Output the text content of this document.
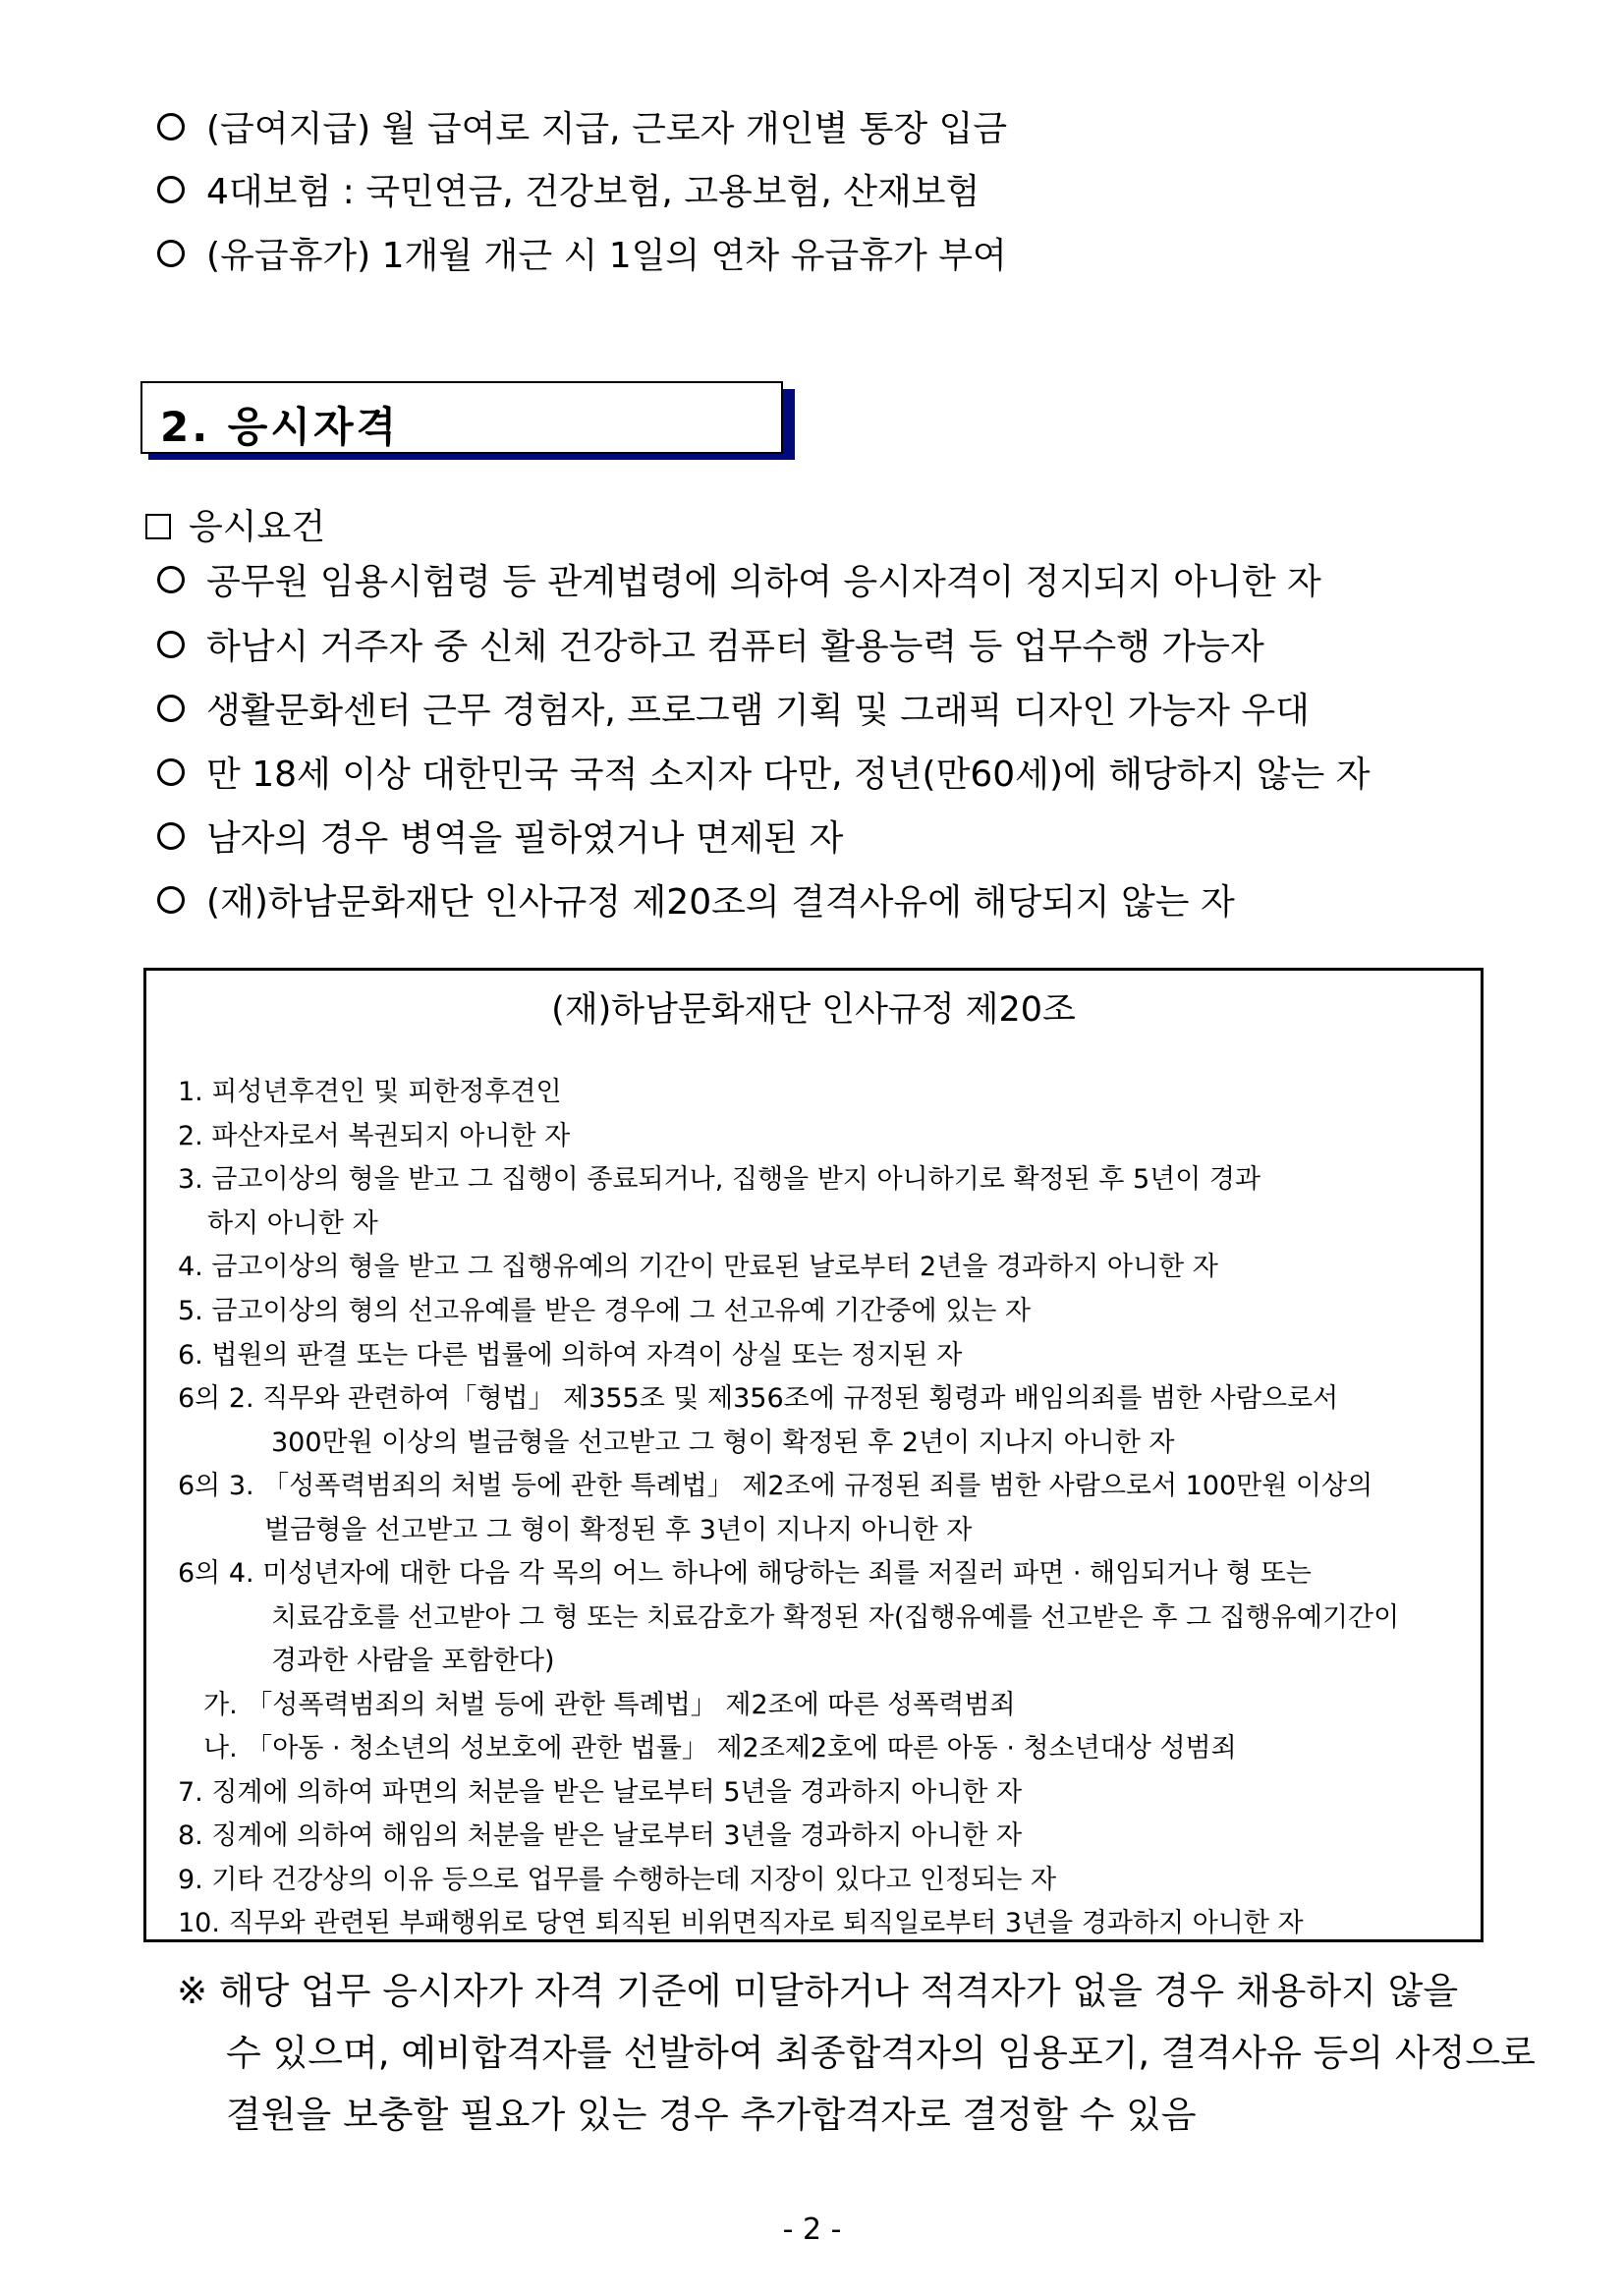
(급여지급) 월 급여로 지급, 근로자 개인별 통장 입금
4대보험 : 국민연금, 건강보험, 고용보험, 산재보험
(유급휴가) 1개월 개근 시 1일의 연차 유급휴가 부여
2. 응시자격
응시요건
공무원 임용시험령 등 관계법령에 의하여 응시자격이 정지되지 아니한 자
하남시 거주자 중 신체 건강하고 컴퓨터 활용능력 등 업무수행 가능자
생활문화센터 근무 경험자, 프로그램 기획 및 그래픽 디자인 가능자 우대
만 18세 이상 대한민국 국적 소지자 다만, 정년(만60세)에 해당하지 않는 자
남자의 경우 병역을 필하였거나 면제된 자
(재)하남문화재단 인사규정 제20조의 결격사유에 해당되지 않는 자
(재)하남문화재단 인사규정 제20조
1. 피성년후견인 및 피한정후견인
2. 파산자로서 복권되지 아니한 자
3. 금고이상의 형을 받고 그 집행이 종료되거나, 집행을 받지 아니하기로 확정된 후 5년이 경과
하지 아니한 자
4. 금고이상의 형을 받고 그 집행유예의 기간이 만료된 날로부터 2년을 경과하지 아니한 자
5. 금고이상의 형의 선고유예를 받은 경우에 그 선고유예 기간중에 있는 자
6. 법원의 판결 또는 다른 법률에 의하여 자격이 상실 또는 정지된 자
6의 2. 직무와 관련하여「형법」 제355조 및 제356조에 규정된 횡령과 배임의죄를 범한 사람으로서
300만원 이상의 벌금형을 선고받고 그 형이 확정된 후 2년이 지나지 아니한 자
6의 3. 「성폭력범죄의 처벌 등에 관한 특례법」 제2조에 규정된 죄를 범한 사람으로서 100만원 이상의
벌금형을 선고받고 그 형이 확정된 후 3년이 지나지 아니한 자
6의 4. 미성년자에 대한 다음 각 목의 어느 하나에 해당하는 죄를 저질러 파면 · 해임되거나 형 또는
치료감호를 선고받아 그 형 또는 치료감호가 확정된 자(집행유예를 선고받은 후 그 집행유예기간이
경과한 사람을 포함한다)
가. 「성폭력범죄의 처벌 등에 관한 특례법」 제2조에 따른 성폭력범죄
나. 「아동 · 청소년의 성보호에 관한 법률」 제2조제2호에 따른 아동 · 청소년대상 성범죄
7. 징계에 의하여 파면의 처분을 받은 날로부터 5년을 경과하지 아니한 자
8. 징계에 의하여 해임의 처분을 받은 날로부터 3년을 경과하지 아니한 자
9. 기타 건강상의 이유 등으로 업무를 수행하는데 지장이 있다고 인정되는 자
10. 직무와 관련된 부패행위로 당연 퇴직된 비위면직자로 퇴직일로부터 3년을 경과하지 아니한 자
※ 해당 업무 응시자가 자격 기준에 미달하거나 적격자가 없을 경우 채용하지 않을
수 있으며, 예비합격자를 선발하여 최종합격자의 임용포기, 결격사유 등의 사정으로
결원을 보충할 필요가 있는 경우 추가합격자로 결정할 수 있음
- 2 -
